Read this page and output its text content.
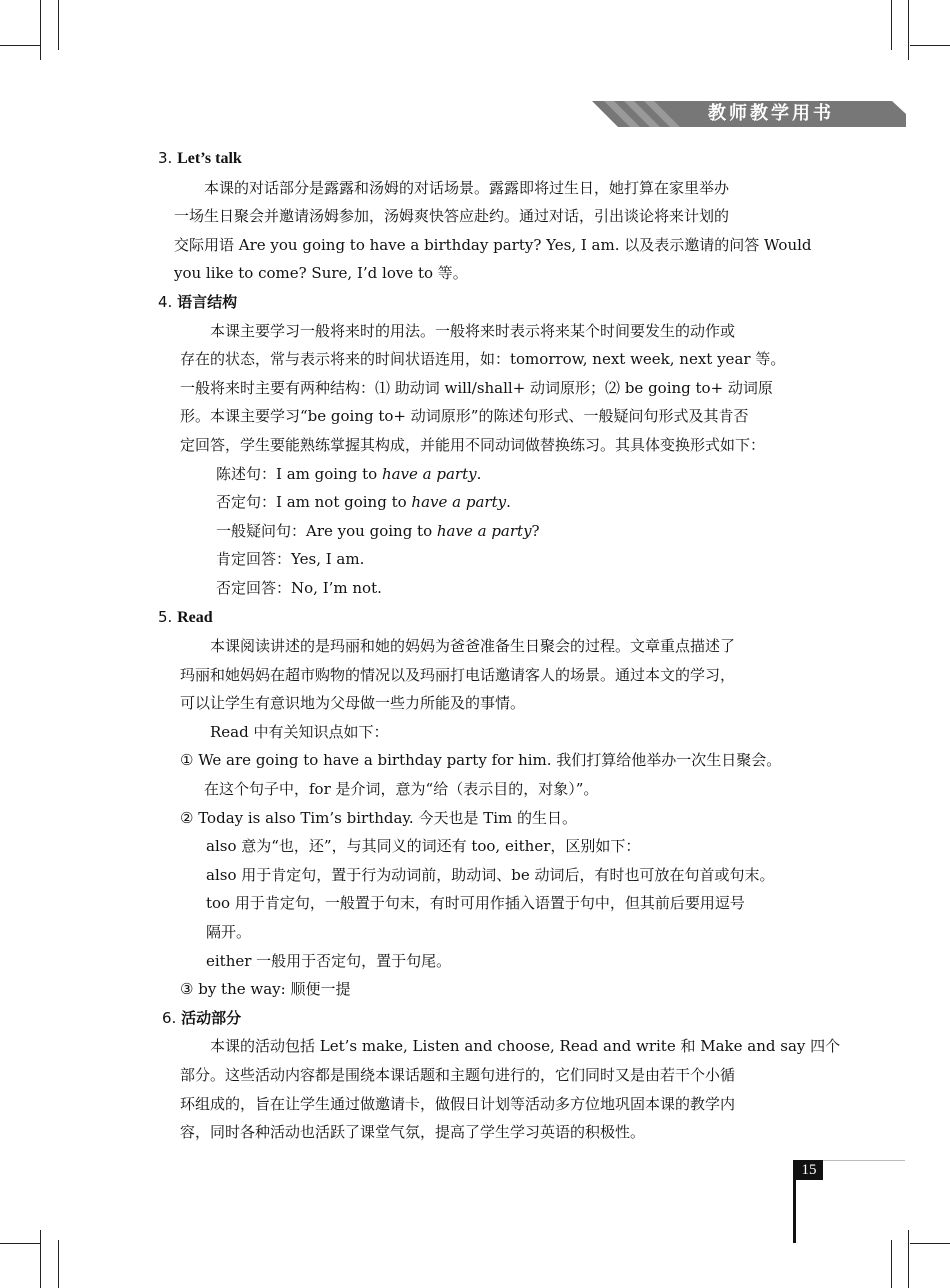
教师教学用书
3. Let’s talk
本课的对话部分是露露和汤姆的对话场景。露露即将过生日，她打算在家里举办
一场生日聚会并邀请汤姆参加，汤姆爽快答应赴约。通过对话，引出谈论将来计划的
交际用语 Are you going to have a birthday party? Yes, I am. 以及表示邀请的问答 Would
you like to come? Sure, I’d love to 等。
4. 语言结构
本课主要学习一般将来时的用法。一般将来时表示将来某个时间要发生的动作或
存在的状态，常与表示将来的时间状语连用，如：tomorrow, next week, next year 等。
一般将来时主要有两种结构：⑴ 助动词 will/shall+ 动词原形；⑵ be going to+ 动词原
形。本课主要学习“be going to+ 动词原形”的陈述句形式、一般疑问句形式及其肯否
定回答，学生要能熟练掌握其构成，并能用不同动词做替换练习。其具体变换形式如下：
陈述句：I am going to have a party.
否定句：I am not going to have a party.
一般疑问句：Are you going to have a party?
肯定回答：Yes, I am.
否定回答：No, I’m not.
5. Read
本课阅读讲述的是玛丽和她的妈妈为爸爸准备生日聚会的过程。文章重点描述了
玛丽和她妈妈在超市购物的情况以及玛丽打电话邀请客人的场景。通过本文的学习，
可以让学生有意识地为父母做一些力所能及的事情。
Read 中有关知识点如下：
① We are going to have a birthday party for him. 我们打算给他举办一次生日聚会。
在这个句子中，for 是介词，意为“给（表示目的，对象）”。
② Today is also Tim’s birthday. 今天也是 Tim 的生日。
also 意为“也，还”，与其同义的词还有 too, either，区别如下：
also 用于肯定句，置于行为动词前，助动词、be 动词后，有时也可放在句首或句末。
too 用于肯定句，一般置于句末，有时可用作插入语置于句中，但其前后要用逗号
隔开。
either 一般用于否定句，置于句尾。
③ by the way: 顺便一提
6. 活动部分
本课的活动包括 Let’s make, Listen and choose, Read and write 和 Make and say 四个
部分。这些活动内容都是围绕本课话题和主题句进行的，它们同时又是由若干个小循
环组成的，旨在让学生通过做邀请卡，做假日计划等活动多方位地巩固本课的教学内
容，同时各种活动也活跃了课堂气氛，提高了学生学习英语的积极性。
15
